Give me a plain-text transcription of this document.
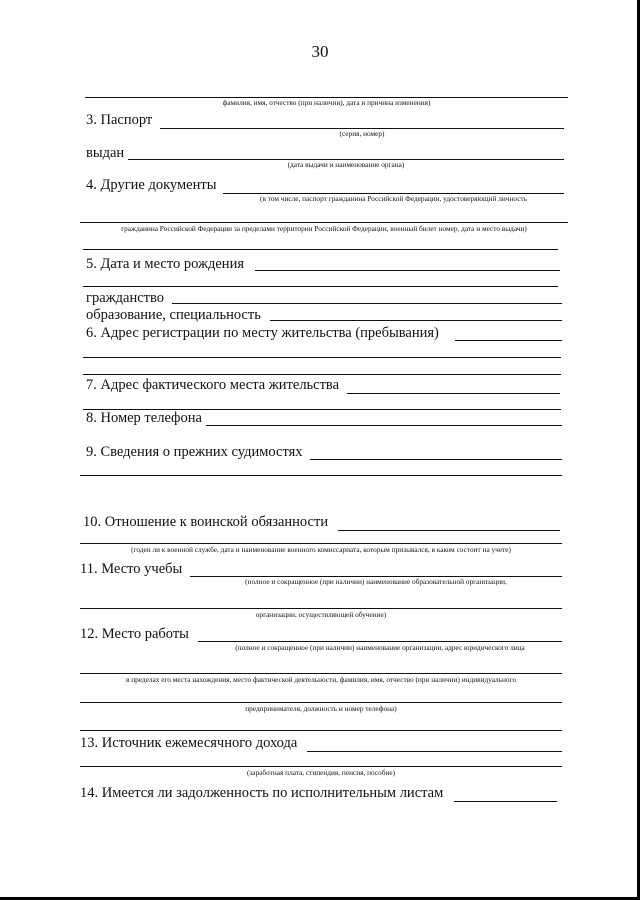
30
фамилия, имя, отчество (при наличии), дата и причина изменения)
3. Паспорт
(серия, номер)
выдан
(дата выдачи и наименование органа)
4. Другие документы
(в том числе, паспорт гражданина Российской Федерации, удостоверяющий личность
гражданина Российской Федерации за пределами территории Российской Федерации, военный билет номер, дата и место выдачи)
5. Дата и место рождения
гражданство
образование, специальность
6. Адрес регистрации по месту жительства (пребывания)
7. Адрес фактического места жительства
8. Номер телефона
9. Сведения о прежних судимостях
10. Отношение к воинской обязанности
(годен ли к военной службе, дата и наименование военного комиссариата, которым призывался, в каком состоит на учете)
11. Место учебы
(полное и сокращенное (при наличии) наименование образовательной организации,
организации, осуществляющей обучение)
12. Место работы
(полное и сокращенное (при наличии) наименование организации, адрес юридического лица
в пределах его места нахождения, место фактической деятельности, фамилия, имя, отчество (при наличии) индивидуального
предпринимателя, должность и номер телефона)
13. Источник ежемесячного дохода
(заработная плата, стипендия, пенсия, пособие)
14. Имеется ли задолженность по исполнительным листам
